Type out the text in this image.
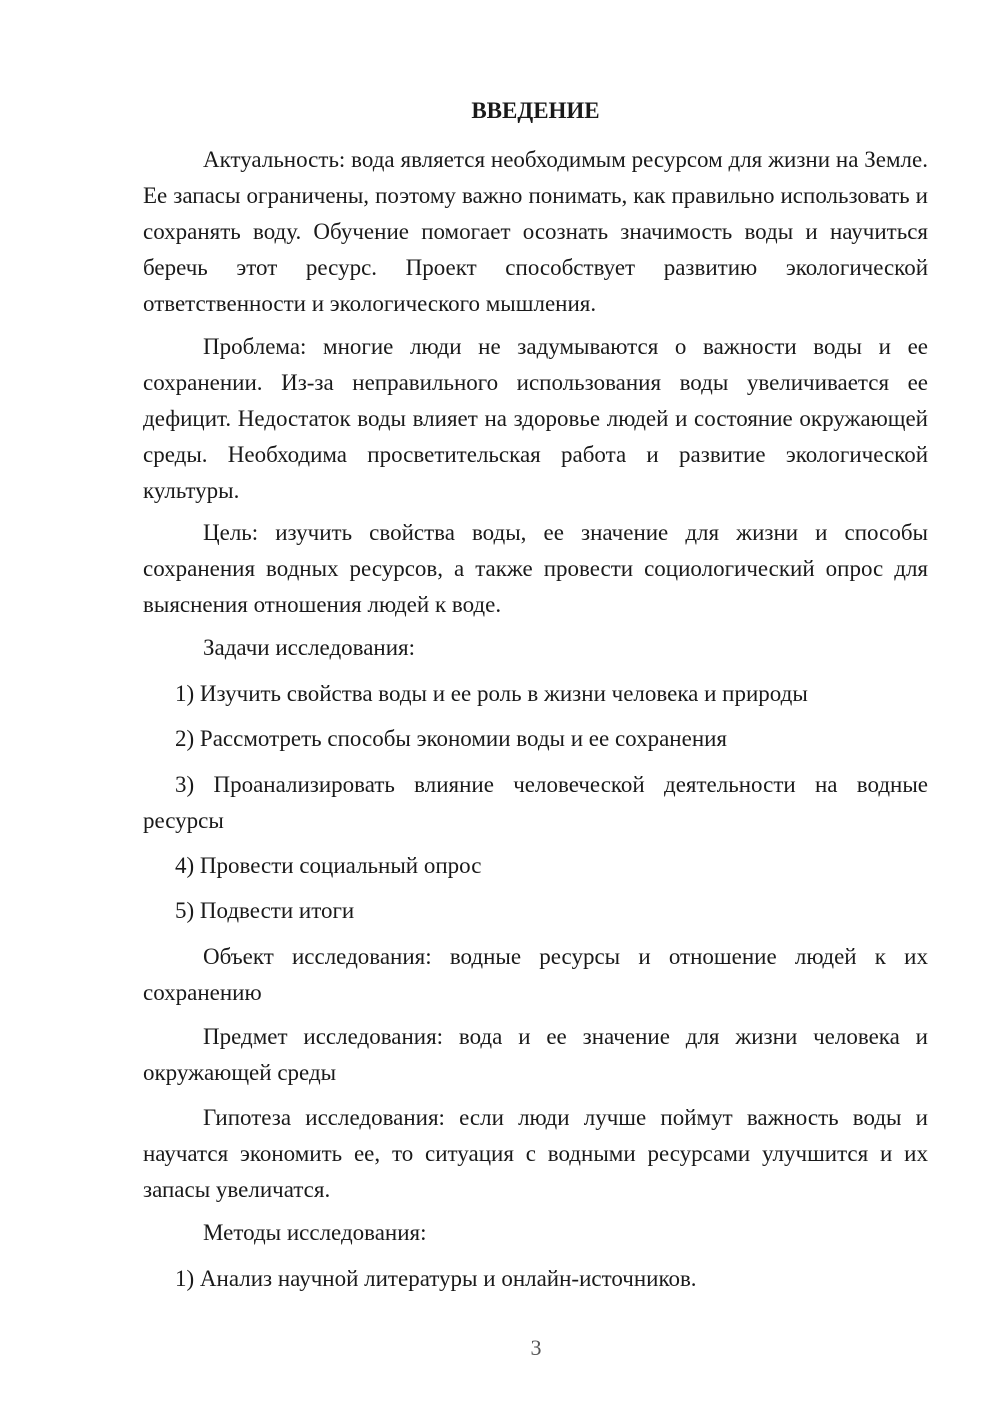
ВВЕДЕНИЕ

Актуальность: вода является необходимым ресурсом для жизни на Земле. Ее запасы ограничены, поэтому важно понимать, как правильно использовать и сохранять воду. Обучение помогает осознать значимость воды и научиться беречь этот ресурс. Проект способствует развитию экологической ответственности и экологического мышления.

Проблема: многие люди не задумываются о важности воды и ее сохранении. Из-за неправильного использования воды увеличивается ее дефицит. Недостаток воды влияет на здоровье людей и состояние окружающей среды. Необходима просветительская работа и развитие экологической культуры.

Цель: изучить свойства воды, ее значение для жизни и способы сохранения водных ресурсов, а также провести социологический опрос для выяснения отношения людей к воде.

Задачи исследования:

1) Изучить свойства воды и ее роль в жизни человека и природы

2) Рассмотреть способы экономии воды и ее сохранения

3) Проанализировать влияние человеческой деятельности на водные ресурсы

4) Провести социальный опрос

5) Подвести итоги

Объект исследования: водные ресурсы и отношение людей к их сохранению

Предмет исследования: вода и ее значение для жизни человека и окружающей среды

Гипотеза исследования: если люди лучше поймут важность воды и научатся экономить ее, то ситуация с водными ресурсами улучшится и их запасы увеличатся.

Методы исследования:

1) Анализ научной литературы и онлайн-источников.

3
